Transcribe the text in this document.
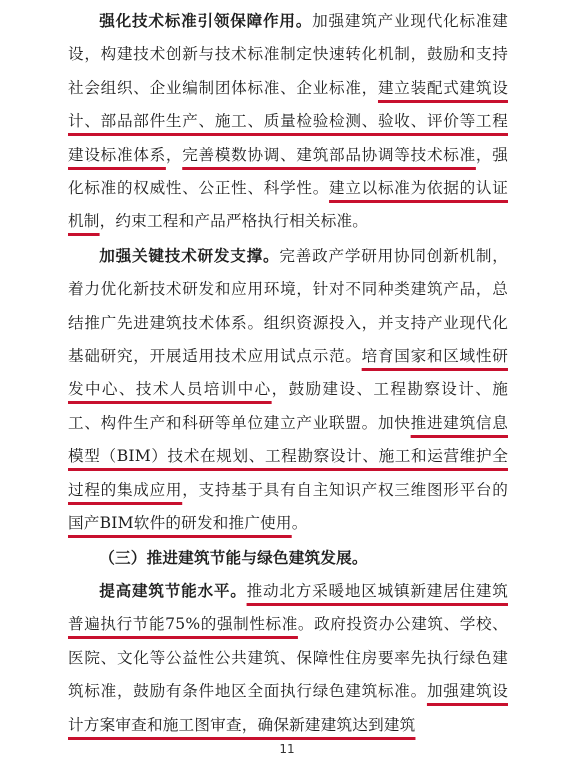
强化技术标准引领保障作用。加强建筑产业现代化标准建设，构建技术创新与技术标准制定快速转化机制，鼓励和支持社会组织、企业编制团体标准、企业标准，建立装配式建筑设计、部品部件生产、施工、质量检验检测、验收、评价等工程建设标准体系，完善模数协调、建筑部品协调等技术标准，强化标准的权威性、公正性、科学性。建立以标准为依据的认证机制，约束工程和产品严格执行相关标准。

加强关键技术研发支撑。完善政产学研用协同创新机制，着力优化新技术研发和应用环境，针对不同种类建筑产品，总结推广先进建筑技术体系。组织资源投入，并支持产业现代化基础研究，开展适用技术应用试点示范。培育国家和区域性研发中心、技术人员培训中心，鼓励建设、工程勘察设计、施工、构件生产和科研等单位建立产业联盟。加快推进建筑信息模型（BIM）技术在规划、工程勘察设计、施工和运营维护全过程的集成应用，支持基于具有自主知识产权三维图形平台的国产BIM软件的研发和推广使用。

（三）推进建筑节能与绿色建筑发展。

提高建筑节能水平。推动北方采暖地区城镇新建居住建筑普遍执行节能75%的强制性标准。政府投资办公建筑、学校、医院、文化等公益性公共建筑、保障性住房要率先执行绿色建筑标准，鼓励有条件地区全面执行绿色建筑标准。加强建筑设计方案审查和施工图审查，确保新建建筑达到建筑

11
